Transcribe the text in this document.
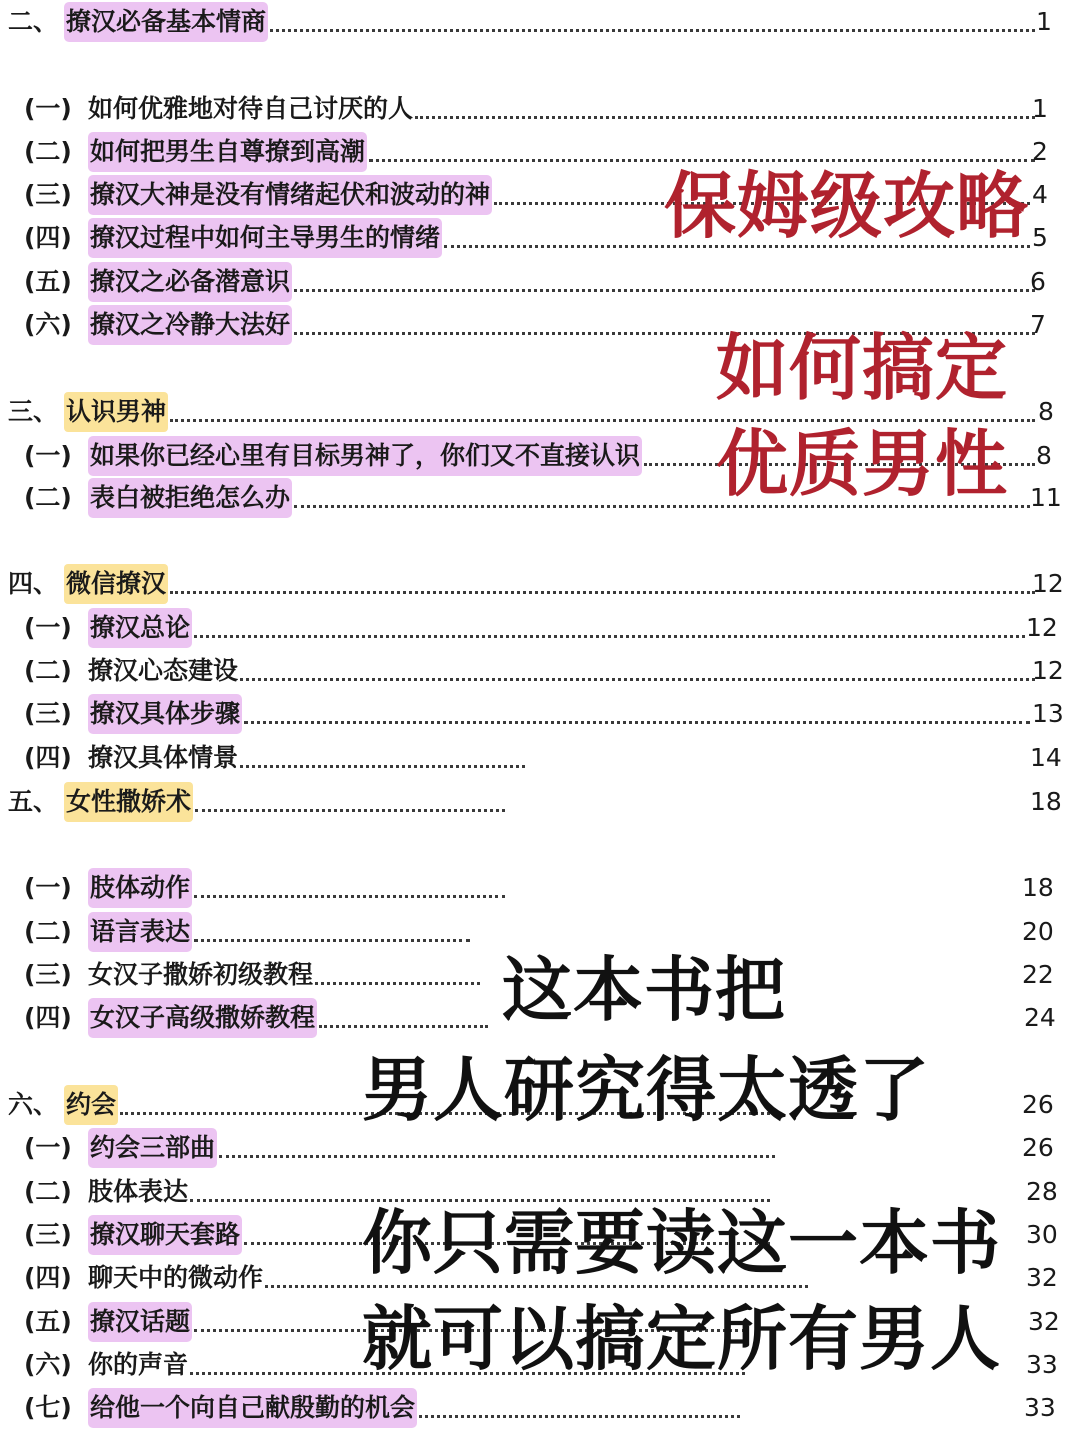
二、 撩汉必备基本情商	1
(一) 如何优雅地对待自己讨厌的人	1
(二) 如何把男生自尊撩到高潮	2
(三) 撩汉大神是没有情绪起伏和波动的神	4
(四) 撩汉过程中如何主导男生的情绪	5
(五) 撩汉之必备潜意识	6
(六) 撩汉之冷静大法好	7
三、 认识男神	8
(一) 如果你已经心里有目标男神了，你们又不直接认识	8
(二) 表白被拒绝怎么办	11
四、 微信撩汉	12
(一) 撩汉总论	12
(二) 撩汉心态建设	12
(三) 撩汉具体步骤	13
(四) 撩汉具体情景	14
五、 女性撒娇术	18
(一) 肢体动作	18
(二) 语言表达	20
(三) 女汉子撒娇初级教程	22
(四) 女汉子高级撒娇教程	24
六、 约会	26
(一) 约会三部曲	26
(二) 肢体表达	28
(三) 撩汉聊天套路	30
(四) 聊天中的微动作	32
(五) 撩汉话题	32
(六) 你的声音	33
(七) 给他一个向自己献殷勤的机会	33
保姆级攻略
如何搞定
优质男性
这本书把
男人研究得太透了
你只需要读这一本书
就可以搞定所有男人
